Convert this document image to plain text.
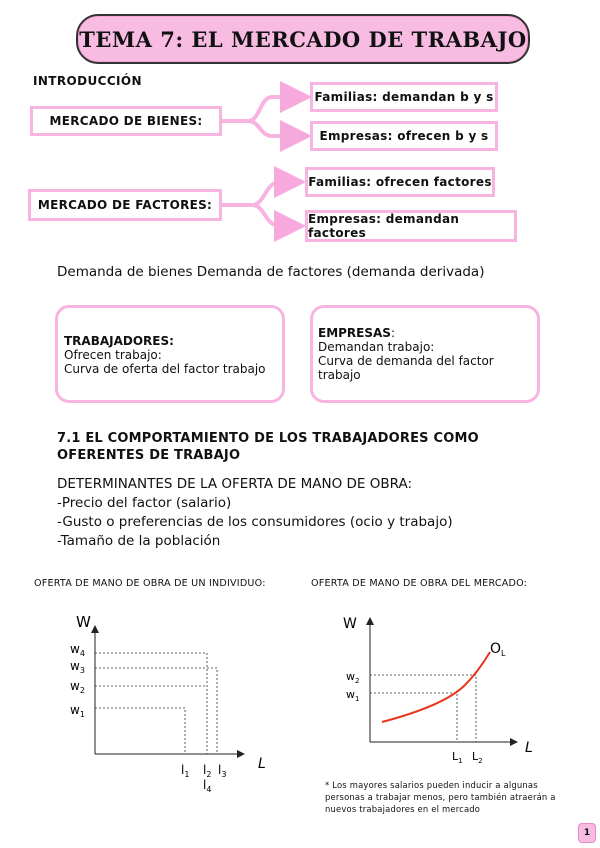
TEMA 7: EL MERCADO DE TRABAJO
INTRODUCCIÓN
MERCADO DE BIENES:
Familias: demandan b y s
Empresas: ofrecen b y s
MERCADO DE FACTORES:
Familias: ofrecen factores
Empresas: demandan factores
Demanda de bienes Demanda de factores (demanda derivada)
TRABAJADORES:
Ofrecen trabajo:
Curva de oferta del factor trabajo
EMPRESAS:
Demandan trabajo:
Curva de demanda del factor
trabajo
7.1 EL COMPORTAMIENTO DE LOS TRABAJADORES COMO
OFERENTES DE TRABAJO
DETERMINANTES DE LA OFERTA DE MANO DE OBRA:
-Precio del factor (salario)
-Gusto o preferencias de los consumidores (ocio y trabajo)
-Tamaño de la población
OFERTA DE MANO DE OBRA DE UN INDIVIDUO:	OFERTA DE MANO DE OBRA DEL MERCADO:
W
L
$w_4$
$w_3$
$w_2$
$w_1$
$l_1$ $l_2$ $l_3$
$l_4$
W
L
$O_L$
$w_2$
$w_1$
$L_1$ $L_2$
* Los mayores salarios pueden inducir a algunas
personas a trabajar menos, pero también atraerán a
nuevos trabajadores en el mercado
1
